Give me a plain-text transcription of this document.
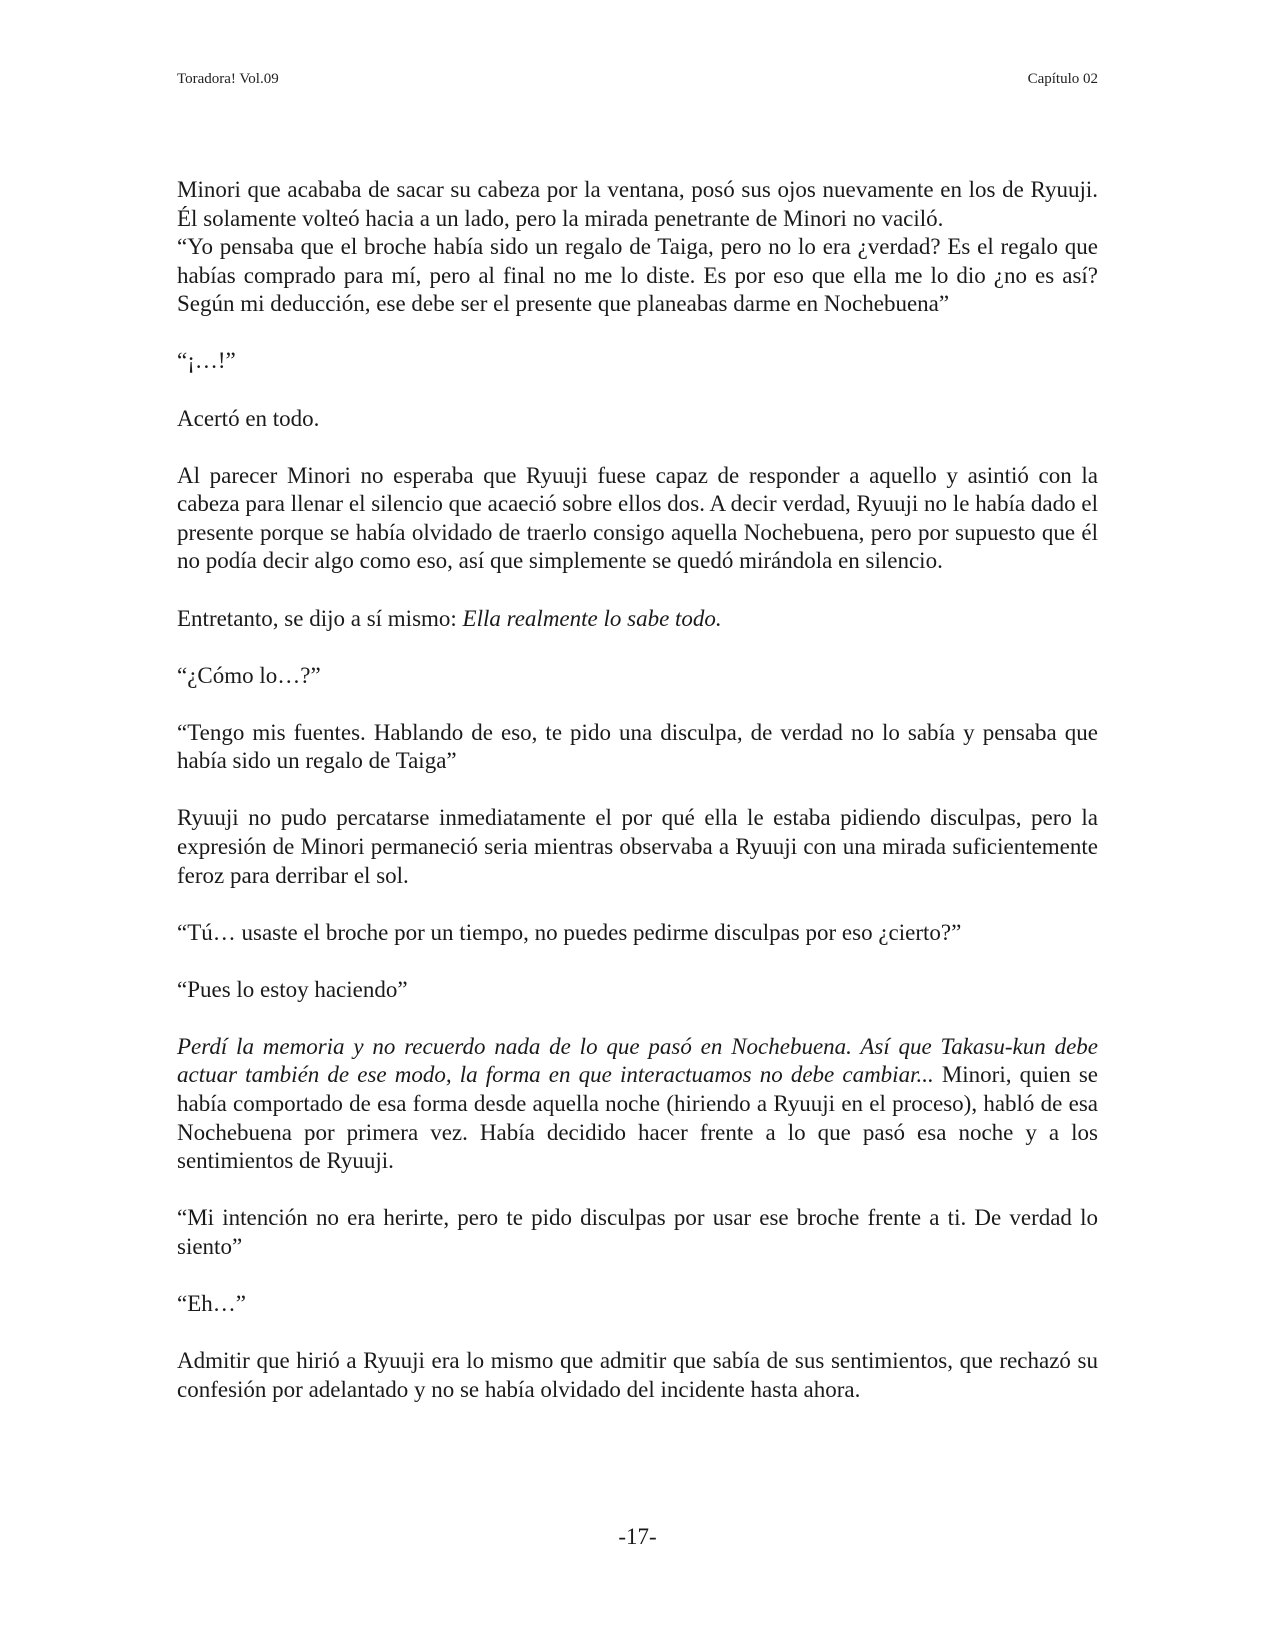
Toradora! Vol.09	Capítulo 02

Minori que acababa de sacar su cabeza por la ventana, posó sus ojos nuevamente en los de Ryuuji. Él solamente volteó hacia a un lado, pero la mirada penetrante de Minori no vaciló.

“Yo pensaba que el broche había sido un regalo de Taiga, pero no lo era ¿verdad? Es el regalo que habías comprado para mí, pero al final no me lo diste. Es por eso que ella me lo dio ¿no es así? Según mi deducción, ese debe ser el presente que planeabas darme en Nochebuena”

“¡…!”

Acertó en todo.

Al parecer Minori no esperaba que Ryuuji fuese capaz de responder a aquello y asintió con la cabeza para llenar el silencio que acaeció sobre ellos dos. A decir verdad, Ryuuji no le había dado el presente porque se había olvidado de traerlo consigo aquella Nochebuena, pero por supuesto que él no podía decir algo como eso, así que simplemente se quedó mirándola en silencio.

Entretanto, se dijo a sí mismo: Ella realmente lo sabe todo.

“¿Cómo lo…?”

“Tengo mis fuentes. Hablando de eso, te pido una disculpa, de verdad no lo sabía y pensaba que había sido un regalo de Taiga”

Ryuuji no pudo percatarse inmediatamente el por qué ella le estaba pidiendo disculpas, pero la expresión de Minori permaneció seria mientras observaba a Ryuuji con una mirada suficientemente feroz para derribar el sol.

“Tú… usaste el broche por un tiempo, no puedes pedirme disculpas por eso ¿cierto?”

“Pues lo estoy haciendo”

Perdí la memoria y no recuerdo nada de lo que pasó en Nochebuena. Así que Takasu-kun debe actuar también de ese modo, la forma en que interactuamos no debe cambiar... Minori, quien se había comportado de esa forma desde aquella noche (hiriendo a Ryuuji en el proceso), habló de esa Nochebuena por primera vez. Había decidido hacer frente a lo que pasó esa noche y a los sentimientos de Ryuuji.

“Mi intención no era herirte, pero te pido disculpas por usar ese broche frente a ti. De verdad lo siento”

“Eh…”

Admitir que hirió a Ryuuji era lo mismo que admitir que sabía de sus sentimientos, que rechazó su confesión por adelantado y no se había olvidado del incidente hasta ahora.

-17-
